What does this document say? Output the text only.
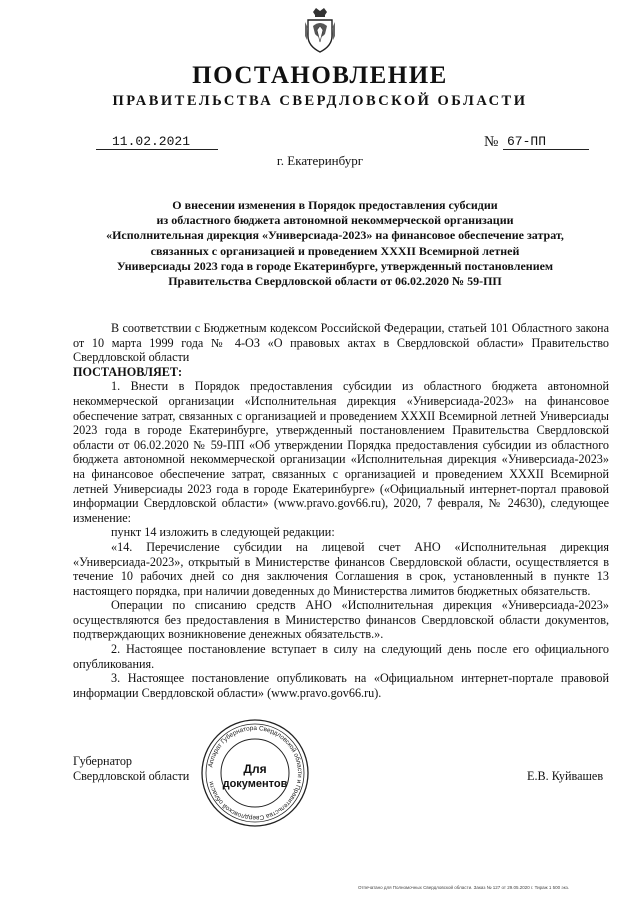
ПОСТАНОВЛЕНИЕ
ПРАВИТЕЛЬСТВА СВЕРДЛОВСКОЙ ОБЛАСТИ
11.02.2021	№ 67-ПП
г. Екатеринбург
О внесении изменения в Порядок предоставления субсидии
из областного бюджета автономной некоммерческой организации
«Исполнительная дирекция «Универсиада-2023» на финансовое обеспечение затрат,
связанных с организацией и проведением XXXII Всемирной летней
Универсиады 2023 года в городе Екатеринбурге, утвержденный постановлением
Правительства Свердловской области от 06.02.2020 № 59-ПП

В соответствии с Бюджетным кодексом Российской Федерации, статьей 101 Областного закона от 10 марта 1999 года № 4-ОЗ «О правовых актах в Свердловской области» Правительство Свердловской области

ПОСТАНОВЛЯЕТ:

1. Внести в Порядок предоставления субсидии из областного бюджета автономной некоммерческой организации «Исполнительная дирекция «Универсиада-2023» на финансовое обеспечение затрат, связанных с организацией и проведением XXXII Всемирной летней Универсиады 2023 года в городе Екатеринбурге, утвержденный постановлением Правительства Свердловской области от 06.02.2020 № 59-ПП «Об утверждении Порядка предоставления субсидии из областного бюджета автономной некоммерческой организации «Исполнительная дирекция «Универсиада-2023» на финансовое обеспечение затрат, связанных с организацией и проведением XXXII Всемирной летней Универсиады 2023 года в городе Екатеринбурге» («Официальный интернет-портал правовой информации Свердловской области» (www.pravo.gov66.ru), 2020, 7 февраля, № 24630), следующее изменение:

пункт 14 изложить в следующей редакции:

«14. Перечисление субсидии на лицевой счет АНО «Исполнительная дирекция «Универсиада-2023», открытый в Министерстве финансов Свердловской области, осуществляется в течение 10 рабочих дней со дня заключения Соглашения в срок, установленный в пункте 13 настоящего порядка, при наличии доведенных до Министерства лимитов бюджетных обязательств.

Операции по списанию средств АНО «Исполнительная дирекция «Универсиада-2023» осуществляются без предоставления в Министерство финансов Свердловской области документов, подтверждающих возникновение денежных обязательств.».

2. Настоящее постановление вступает в силу на следующий день после его официального опубликования.

3. Настоящее постановление опубликовать на «Официальном интернет-портале правовой информации Свердловской области» (www.pravo.gov66.ru).

Губернатор
Свердловской области	Е.В. Куйвашев
Аппарат Губернатора Свердловской области и Правительства Свердловской области
Для
документов
Отпечатано для Полномочных Свердловской области. Заказ № 127 от 29.05.2020 г. Тираж 1 500 экз.
